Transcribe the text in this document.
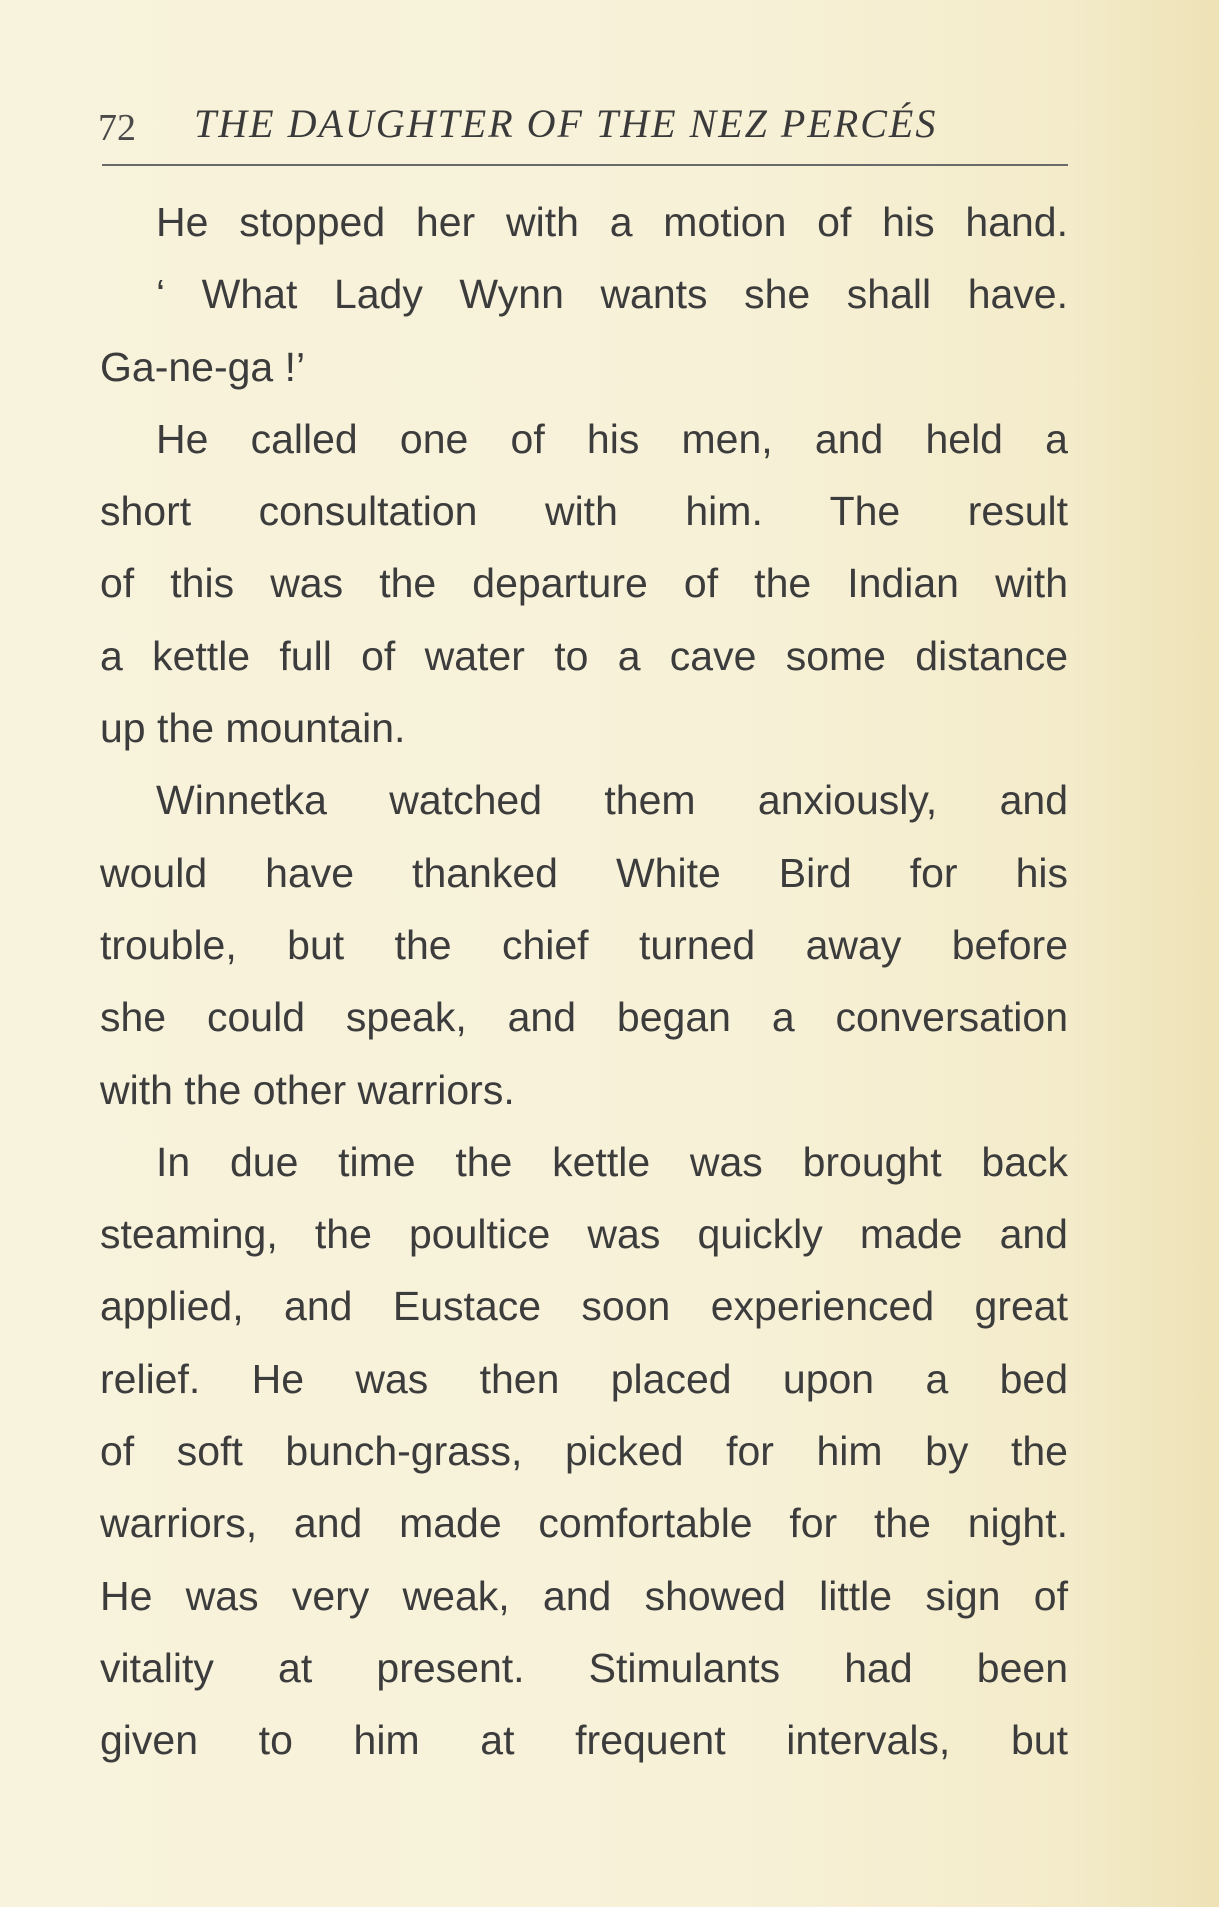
72 THE DAUGHTER OF THE NEZ PERCÉS
He stopped her with a motion of his hand.
‘ What Lady Wynn wants she shall have.
Ga-ne-ga !’
He called one of his men, and held a
short consultation with him. The result
of this was the departure of the Indian with
a kettle full of water to a cave some distance
up the mountain.
Winnetka watched them anxiously, and
would have thanked White Bird for his
trouble, but the chief turned away before
she could speak, and began a conversation
with the other warriors.
In due time the kettle was brought back
steaming, the poultice was quickly made and
applied, and Eustace soon experienced great
relief. He was then placed upon a bed
of soft bunch-grass, picked for him by the
warriors, and made comfortable for the night.
He was very weak, and showed little sign of
vitality at present. Stimulants had been
given to him at frequent intervals, but
